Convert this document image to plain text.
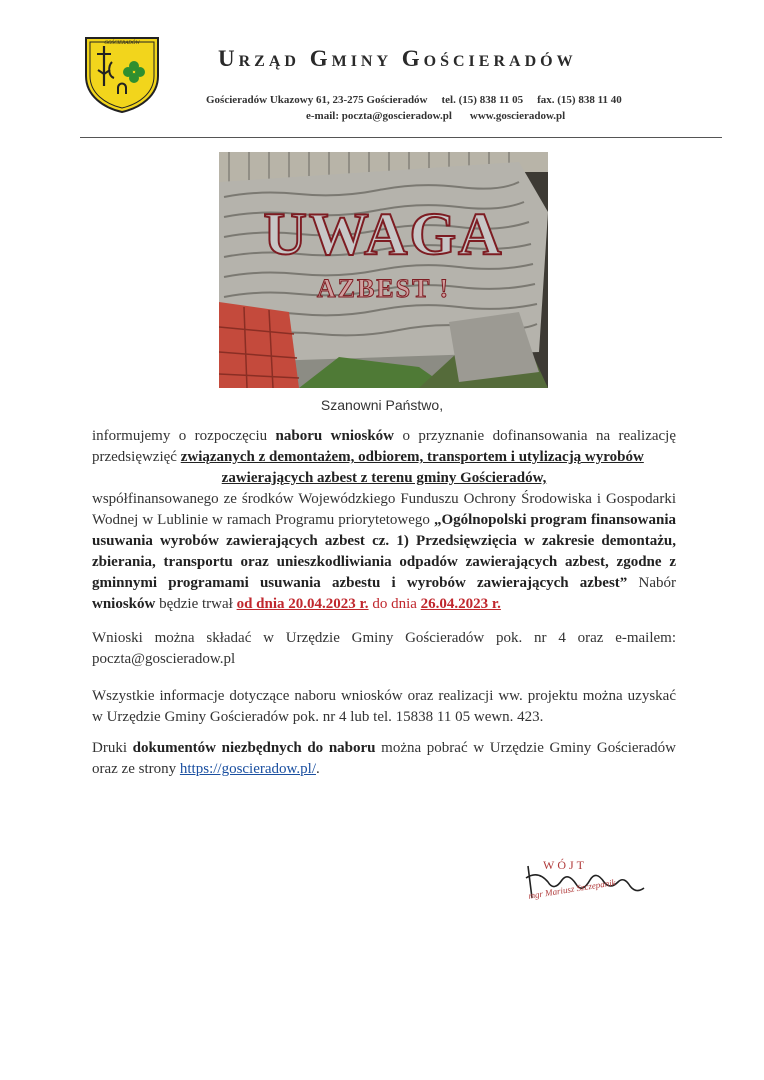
GOŚCIERADÓW
Urząd Gminy Gościeradów
Gościeradów Ukazowy 61, 23-275 Gościeradów tel. (15) 838 11 05 fax. (15) 838 11 40
e-mail: poczta@goscieradow.pl www.goscieradow.pl
UWAGA
AZBEST !
Szanowni Państwo,
informujemy o rozpoczęciu naboru wniosków o przyznanie dofinansowania na realizację przedsięwzięć związanych z demontażem, odbiorem, transportem i utylizacją wyrobów
zawierających azbest z terenu gminy Gościeradów,
współfinansowanego ze środków Wojewódzkiego Funduszu Ochrony Środowiska i Gospodarki Wodnej w Lublinie w ramach Programu priorytetowego „Ogólnopolski program finansowania usuwania wyrobów zawierających azbest cz. 1) Przedsięwzięcia w zakresie demontażu, zbierania, transportu oraz unieszkodliwiania odpadów zawierających azbest, zgodne z gminnymi programami usuwania azbestu i wyrobów zawierających azbest” Nabór wniosków będzie trwał od dnia 20.04.2023 r. do dnia 26.04.2023 r.
Wnioski można składać w Urzędzie Gminy Gościeradów pok. nr 4 oraz e-mailem: poczta@goscieradow.pl
Wszystkie informacje dotyczące naboru wniosków oraz realizacji ww. projektu można uzyskać w Urzędzie Gminy Gościeradów pok. nr 4 lub tel. 15838 11 05 wewn. 423.
Druki dokumentów niezbędnych do naboru można pobrać w Urzędzie Gminy Gościeradów oraz ze strony https://goscieradow.pl/.
WÓJT
mgr Mariusz Szczepanik
